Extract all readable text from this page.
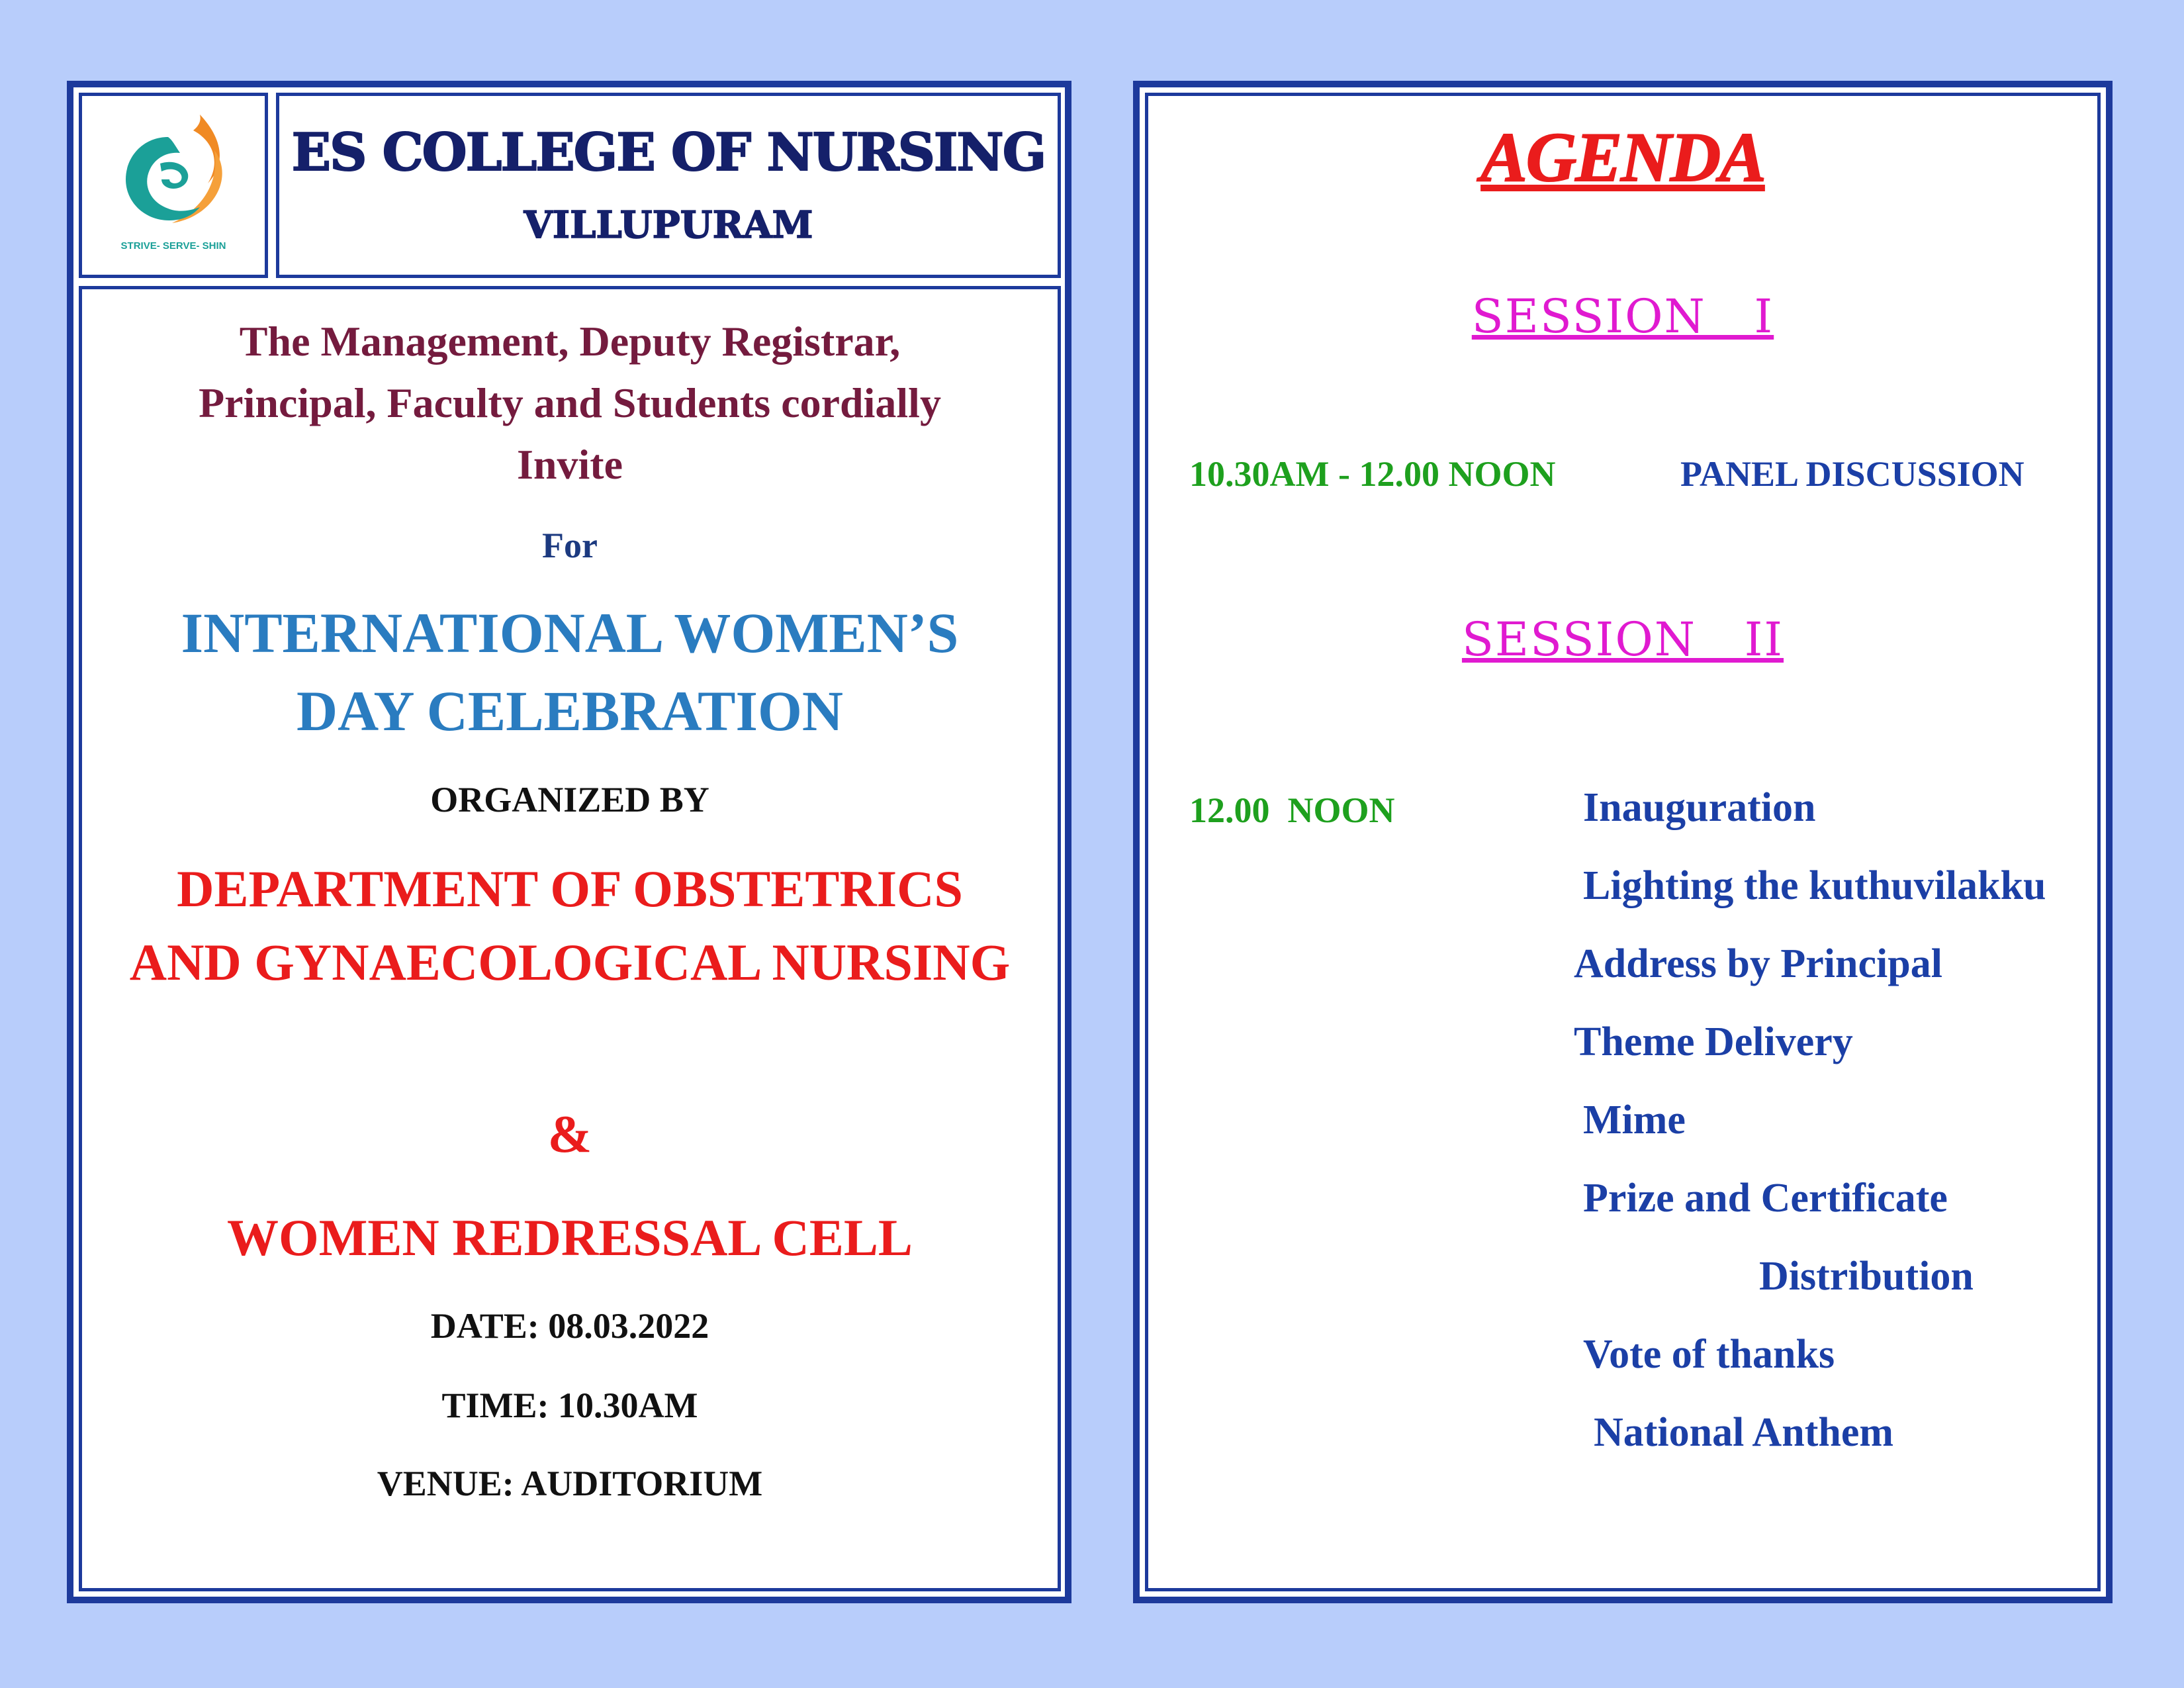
STRIVE- SERVE- SHIN
ES COLLEGE OF NURSING
VILLUPURAM
The Management, Deputy Registrar, Principal, Faculty and Students cordially Invite
For
INTERNATIONAL WOMEN’S DAY CELEBRATION
ORGANIZED BY
DEPARTMENT OF OBSTETRICS AND GYNAECOLOGICAL NURSING
&
WOMEN REDRESSAL CELL
DATE: 08.03.2022
TIME: 10.30AM
VENUE: AUDITORIUM
AGENDA
SESSION   I
10.30AM - 12.00 NOON	PANEL DISCUSSION
SESSION   II
12.00  NOON	Inauguration
Lighting the kuthuvilakku
Address by Principal
Theme Delivery
Mime
Prize and Certificate
Distribution
Vote of thanks
National Anthem
